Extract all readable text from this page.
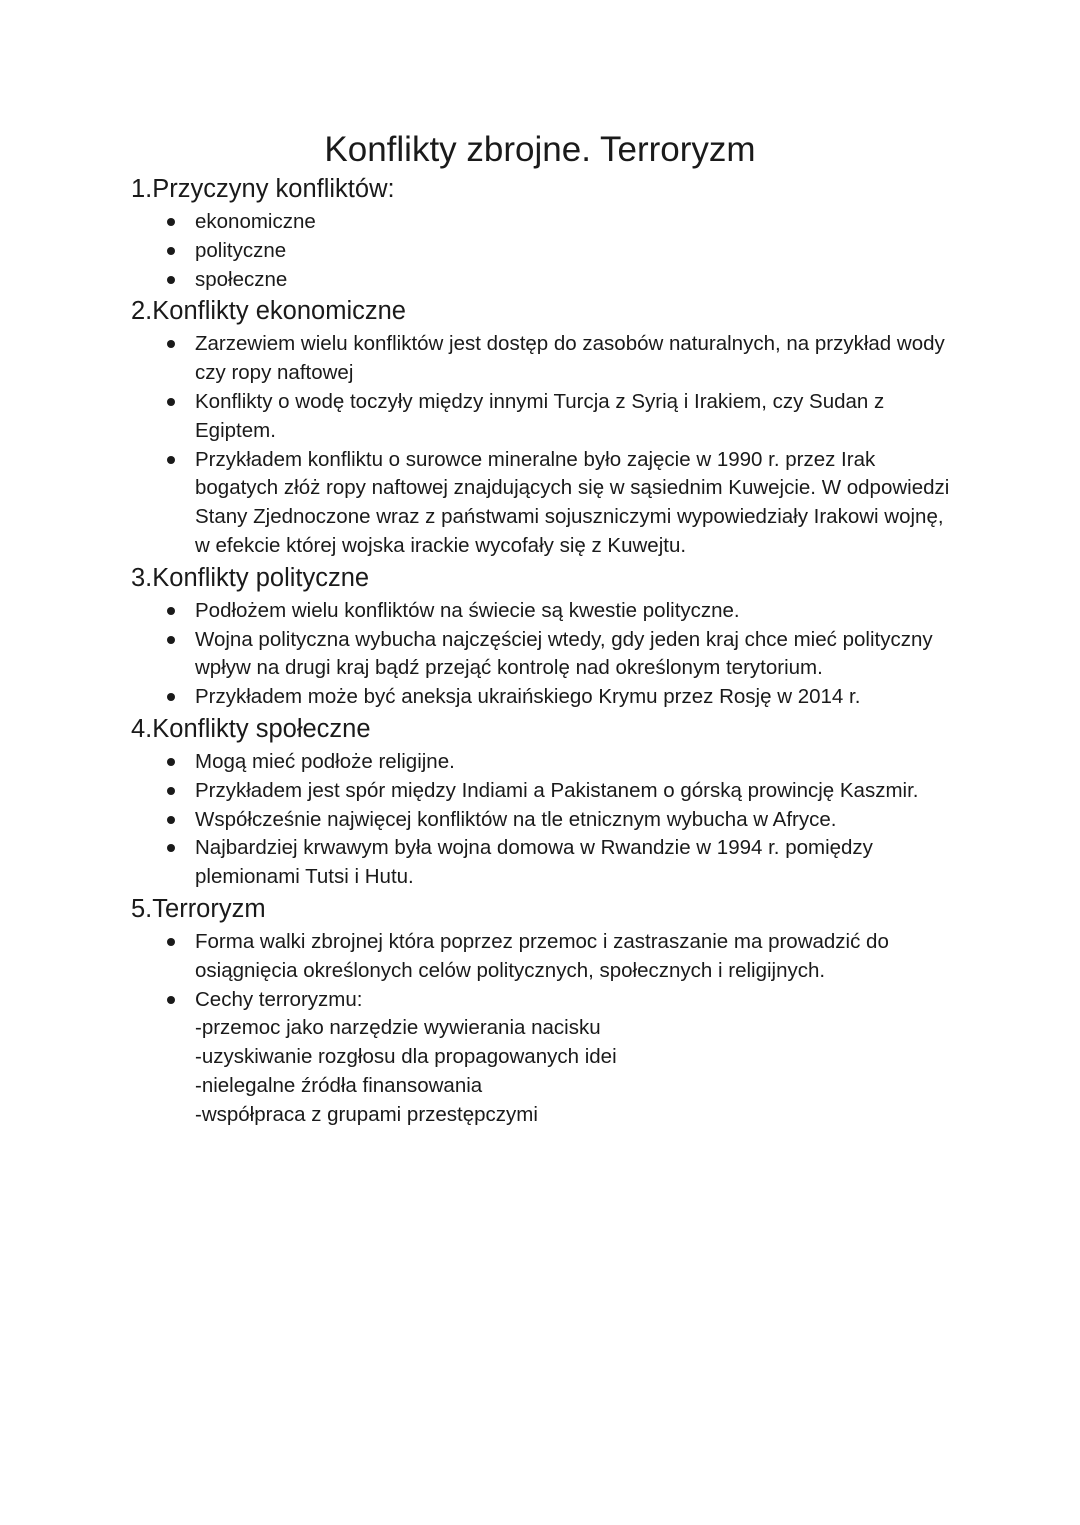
Konflikty zbrojne. Terroryzm
1.Przyczyny konfliktów:
ekonomiczne
polityczne
społeczne
2.Konflikty ekonomiczne
Zarzewiem wielu konfliktów jest dostęp do zasobów naturalnych, na przykład wody czy ropy naftowej
Konflikty o wodę toczyły między innymi Turcja z Syrią i Irakiem, czy Sudan z Egiptem.
Przykładem konfliktu o surowce mineralne było zajęcie w 1990 r. przez Irak bogatych złóż ropy naftowej znajdujących się w sąsiednim Kuwejcie. W odpowiedzi Stany Zjednoczone wraz z państwami sojuszniczymi wypowiedziały Irakowi wojnę, w efekcie której wojska irackie wycofały się z Kuwejtu.
3.Konflikty polityczne
Podłożem wielu konfliktów na świecie są kwestie polityczne.
Wojna polityczna wybucha najczęściej wtedy, gdy jeden kraj chce mieć polityczny wpływ na drugi kraj bądź przejąć kontrolę nad określonym terytorium.
Przykładem może być aneksja ukraińskiego Krymu przez Rosję w 2014 r.
4.Konflikty społeczne
Mogą mieć podłoże religijne.
Przykładem jest spór między Indiami a Pakistanem o górską prowincję Kaszmir.
Współcześnie najwięcej konfliktów na tle etnicznym wybucha w Afryce.
Najbardziej krwawym była wojna domowa w Rwandzie w 1994 r. pomiędzy plemionami Tutsi i Hutu.
5.Terroryzm
Forma walki zbrojnej która poprzez przemoc i zastraszanie ma prowadzić do osiągnięcia określonych celów politycznych, społecznych i religijnych.
Cechy terroryzmu:
-przemoc jako narzędzie wywierania nacisku
-uzyskiwanie rozgłosu dla propagowanych idei
-nielegalne źródła finansowania
-współpraca z grupami przestępczymi
